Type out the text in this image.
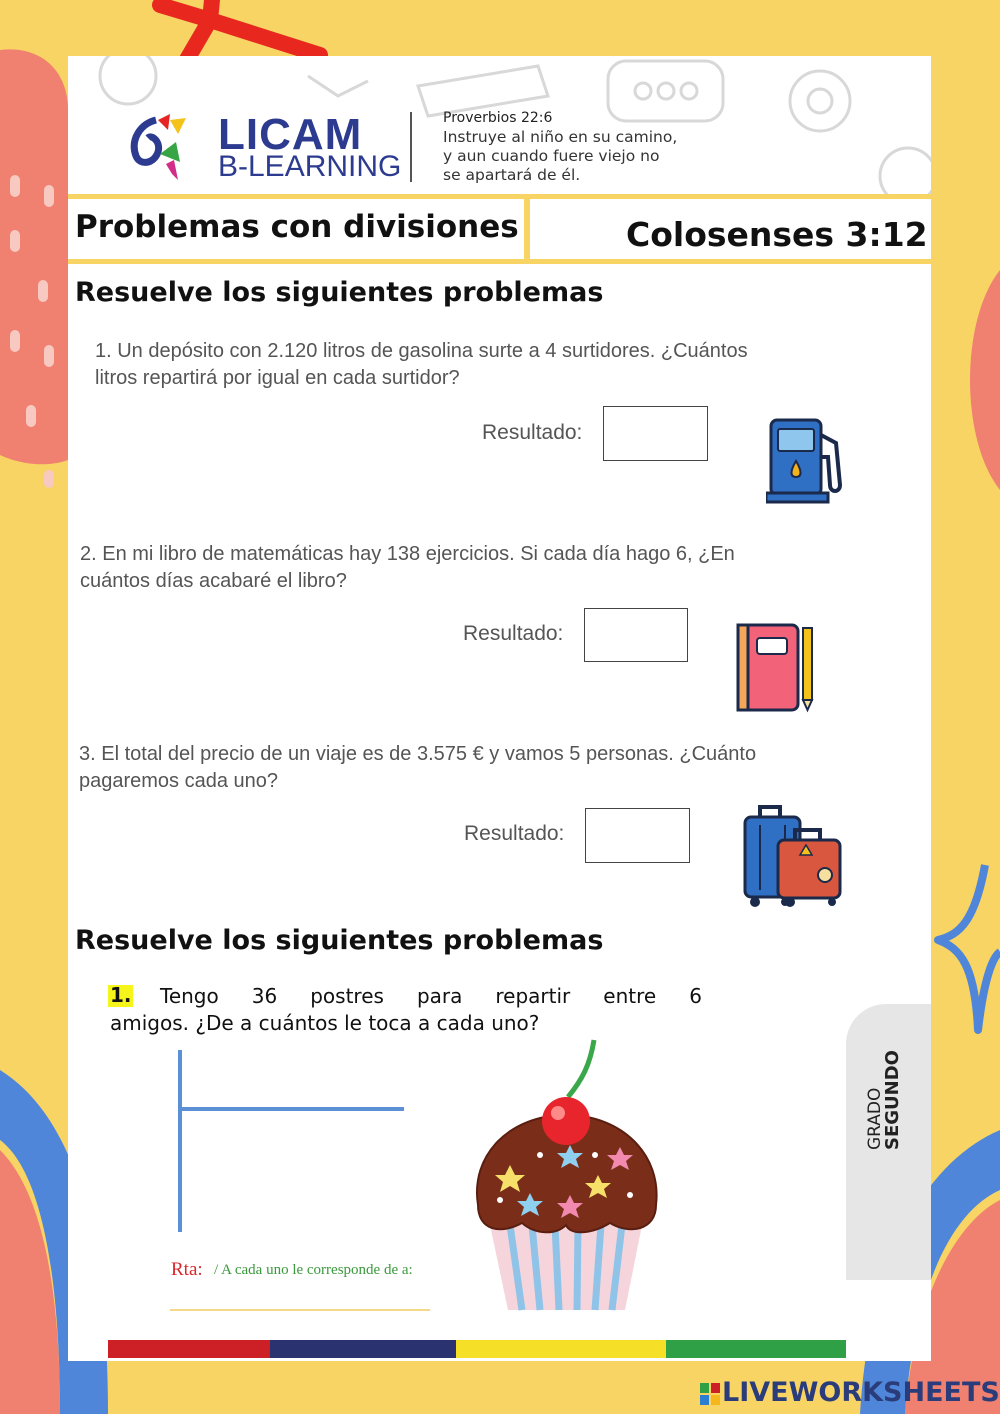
LICAM
B-LEARNING
Proverbios 22:6
Instruye al niño en su camino,
y aun cuando fuere viejo no
se apartará de él.
Problemas con divisiones	Colosenses 3:12
Resuelve los siguientes problemas
1. Un depósito con 2.120 litros de gasolina surte a 4 surtidores. ¿Cuántos
litros repartirá por igual en cada surtidor?
Resultado:
2. En mi libro de matemáticas hay 138 ejercicios. Si cada día hago 6, ¿En
cuántos días acabaré el libro?
Resultado:
3. El total del precio de un viaje es de 3.575 € y vamos 5 personas. ¿Cuánto
pagaremos cada uno?
Resultado:
Resuelve los siguientes problemas
1. Tengo 36 postres para repartir entre 6
amigos. ¿De a cuántos le toca a cada uno?
Rta: / A cada uno le corresponde de a:
GRADO
SEGUNDO
LIVEWORKSHEETS
